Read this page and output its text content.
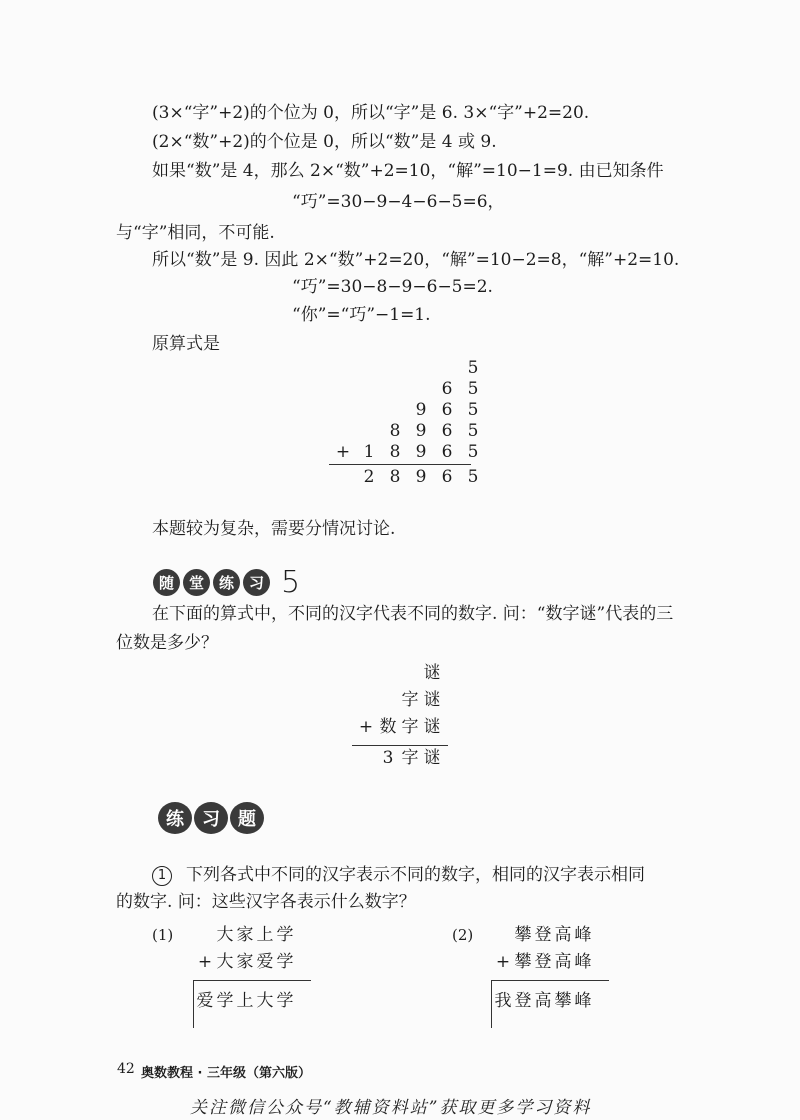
(3×“字”+2)的个位为 0，所以“字”是 6. 3×“字”+2=20.
(2×“数”+2)的个位是 0，所以“数”是 4 或 9.
如果“数”是 4，那么 2×“数”+2=10，“解”=10−1=9. 由已知条件
“巧”=30−9−4−6−5=6，
与“字”相同，不可能.
所以“数”是 9. 因此 2×“数”+2=20，“解”=10−2=8，“解”+2=10.
“巧”=30−8−9−6−5=2.
“你”=“巧”−1=1.
原算式是
5
6 5
9 6 5
8 9 6 5
+ 1 8 9 6 5
2 8 9 6 5
本题较为复杂，需要分情况讨论.
随 堂 练 习 5
在下面的算式中，不同的汉字代表不同的数字. 问：“数字谜”代表的三
位数是多少？
谜
字 谜
+ 数 字 谜
3 字 谜
练	习	题
1 下列各式中不同的汉字表示不同的数字，相同的汉字表示相同
的数字. 问：这些汉字各表示什么数字？
(1)	大 家 上 学
+ 大 家 爱 学
爱 学 上 大 学
(2) 攀 登 高 峰
+ 攀 登 高 峰
我 登 高 攀 峰
42 奥数教程 · 三年级（第六版）
关注微信公众号“教辅资料站”获取更多学习资料
